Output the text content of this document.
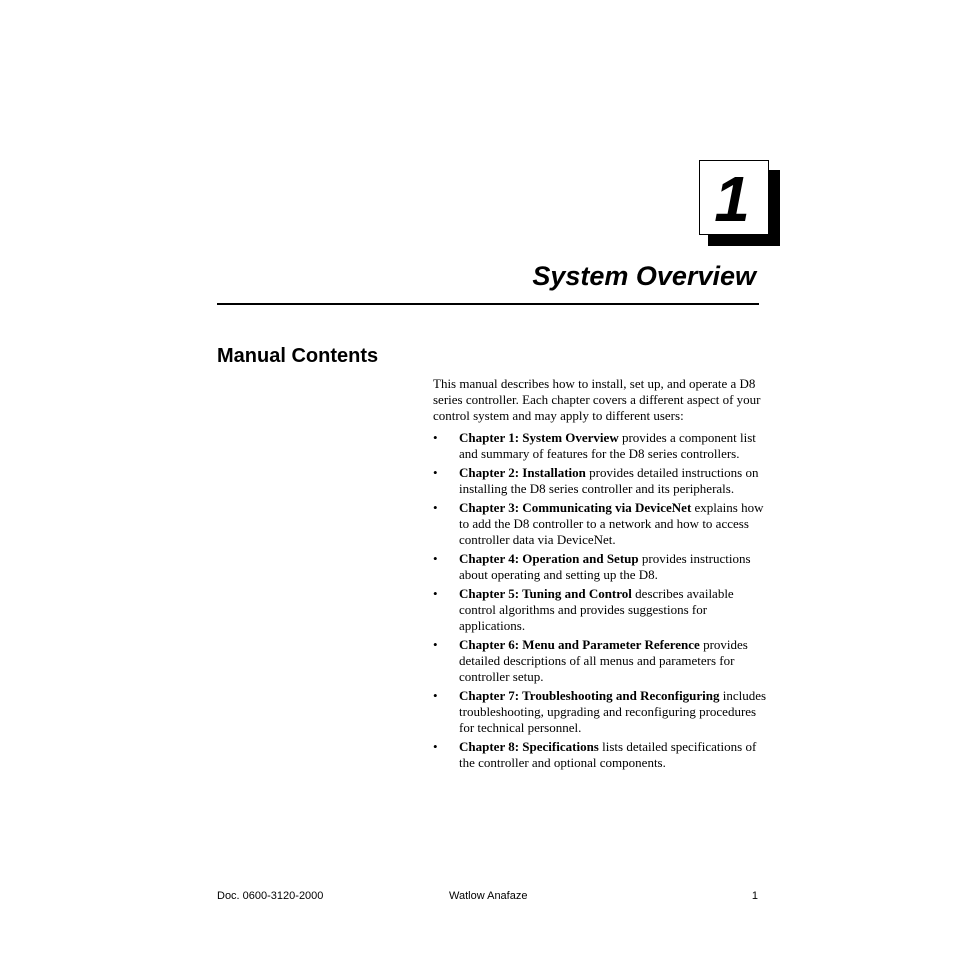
1
System Overview
Manual Contents

This manual describes how to install, set up, and operate a D8 series controller. Each chapter covers a different aspect of your control system and may apply to different users:

• Chapter 1: System Overview provides a component list and summary of features for the D8 series controllers.
• Chapter 2: Installation provides detailed instructions on installing the D8 series controller and its peripherals.
• Chapter 3: Communicating via DeviceNet explains how to add the D8 controller to a network and how to access controller data via DeviceNet.
• Chapter 4: Operation and Setup provides instructions about operating and setting up the D8.
• Chapter 5: Tuning and Control describes available control algorithms and provides suggestions for applications.
• Chapter 6: Menu and Parameter Reference provides detailed descriptions of all menus and parameters for controller setup.
• Chapter 7: Troubleshooting and Reconfiguring includes troubleshooting, upgrading and reconfiguring procedures for technical personnel.
• Chapter 8: Specifications lists detailed specifications of the controller and optional components.
Doc. 0600-3120-2000	Watlow Anafaze	1
